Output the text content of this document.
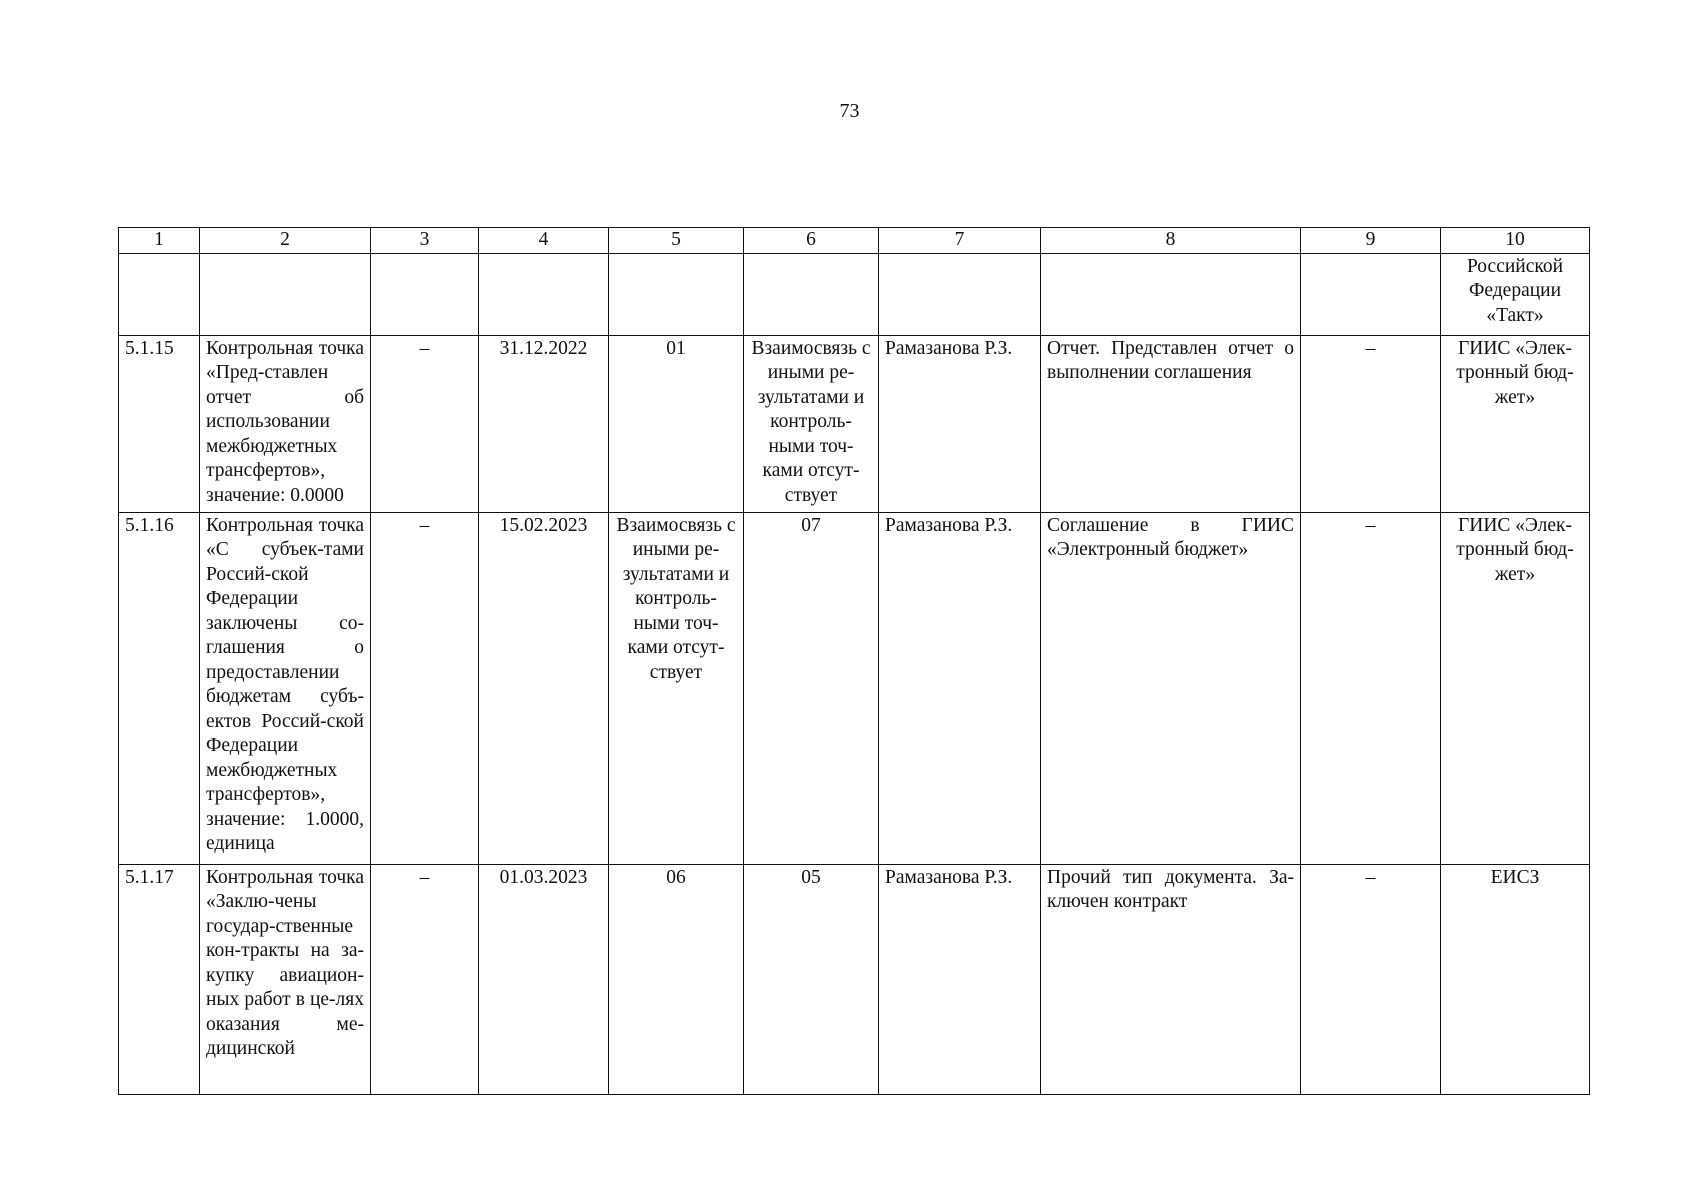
73
1	2	3	4	5	6	7	8	9	10
									Российской
Федерации
«Такт»
5.1.15	Контрольная точка «Пред-ставлен отчет об использовании межбюджетных трансфертов», значение: 0.0000	–	31.12.2022	01	Взаимосвязь с иными ре-зультатами и контроль-ными точ-ками отсут-ствует	Рамазанова Р.З.	Отчет. Представлен отчет о выполнении соглашения	–	ГИИС «Элек-тронный бюд-жет»
5.1.16	Контрольная точка «С субъек-тами Россий-ской Федерации заключены со-глашения о предоставлении бюджетам субъ-ектов Россий-ской Федерации межбюджетных трансфертов», значение: 1.0000, единица	–	15.02.2023	Взаимосвязь с иными ре-зультатами и контроль-ными точ-ками отсут-ствует	07	Рамазанова Р.З.	Соглашение в ГИИС «Электронный бюджет»	–	ГИИС «Элек-тронный бюд-жет»
5.1.17	Контрольная точка «Заклю-чены государ-ственные кон-тракты на за-купку авиацион-ных работ в це-лях оказания ме-дицинской	–	01.03.2023	06	05	Рамазанова Р.З.	Прочий тип документа. За-ключен контракт	–	ЕИСЗ
